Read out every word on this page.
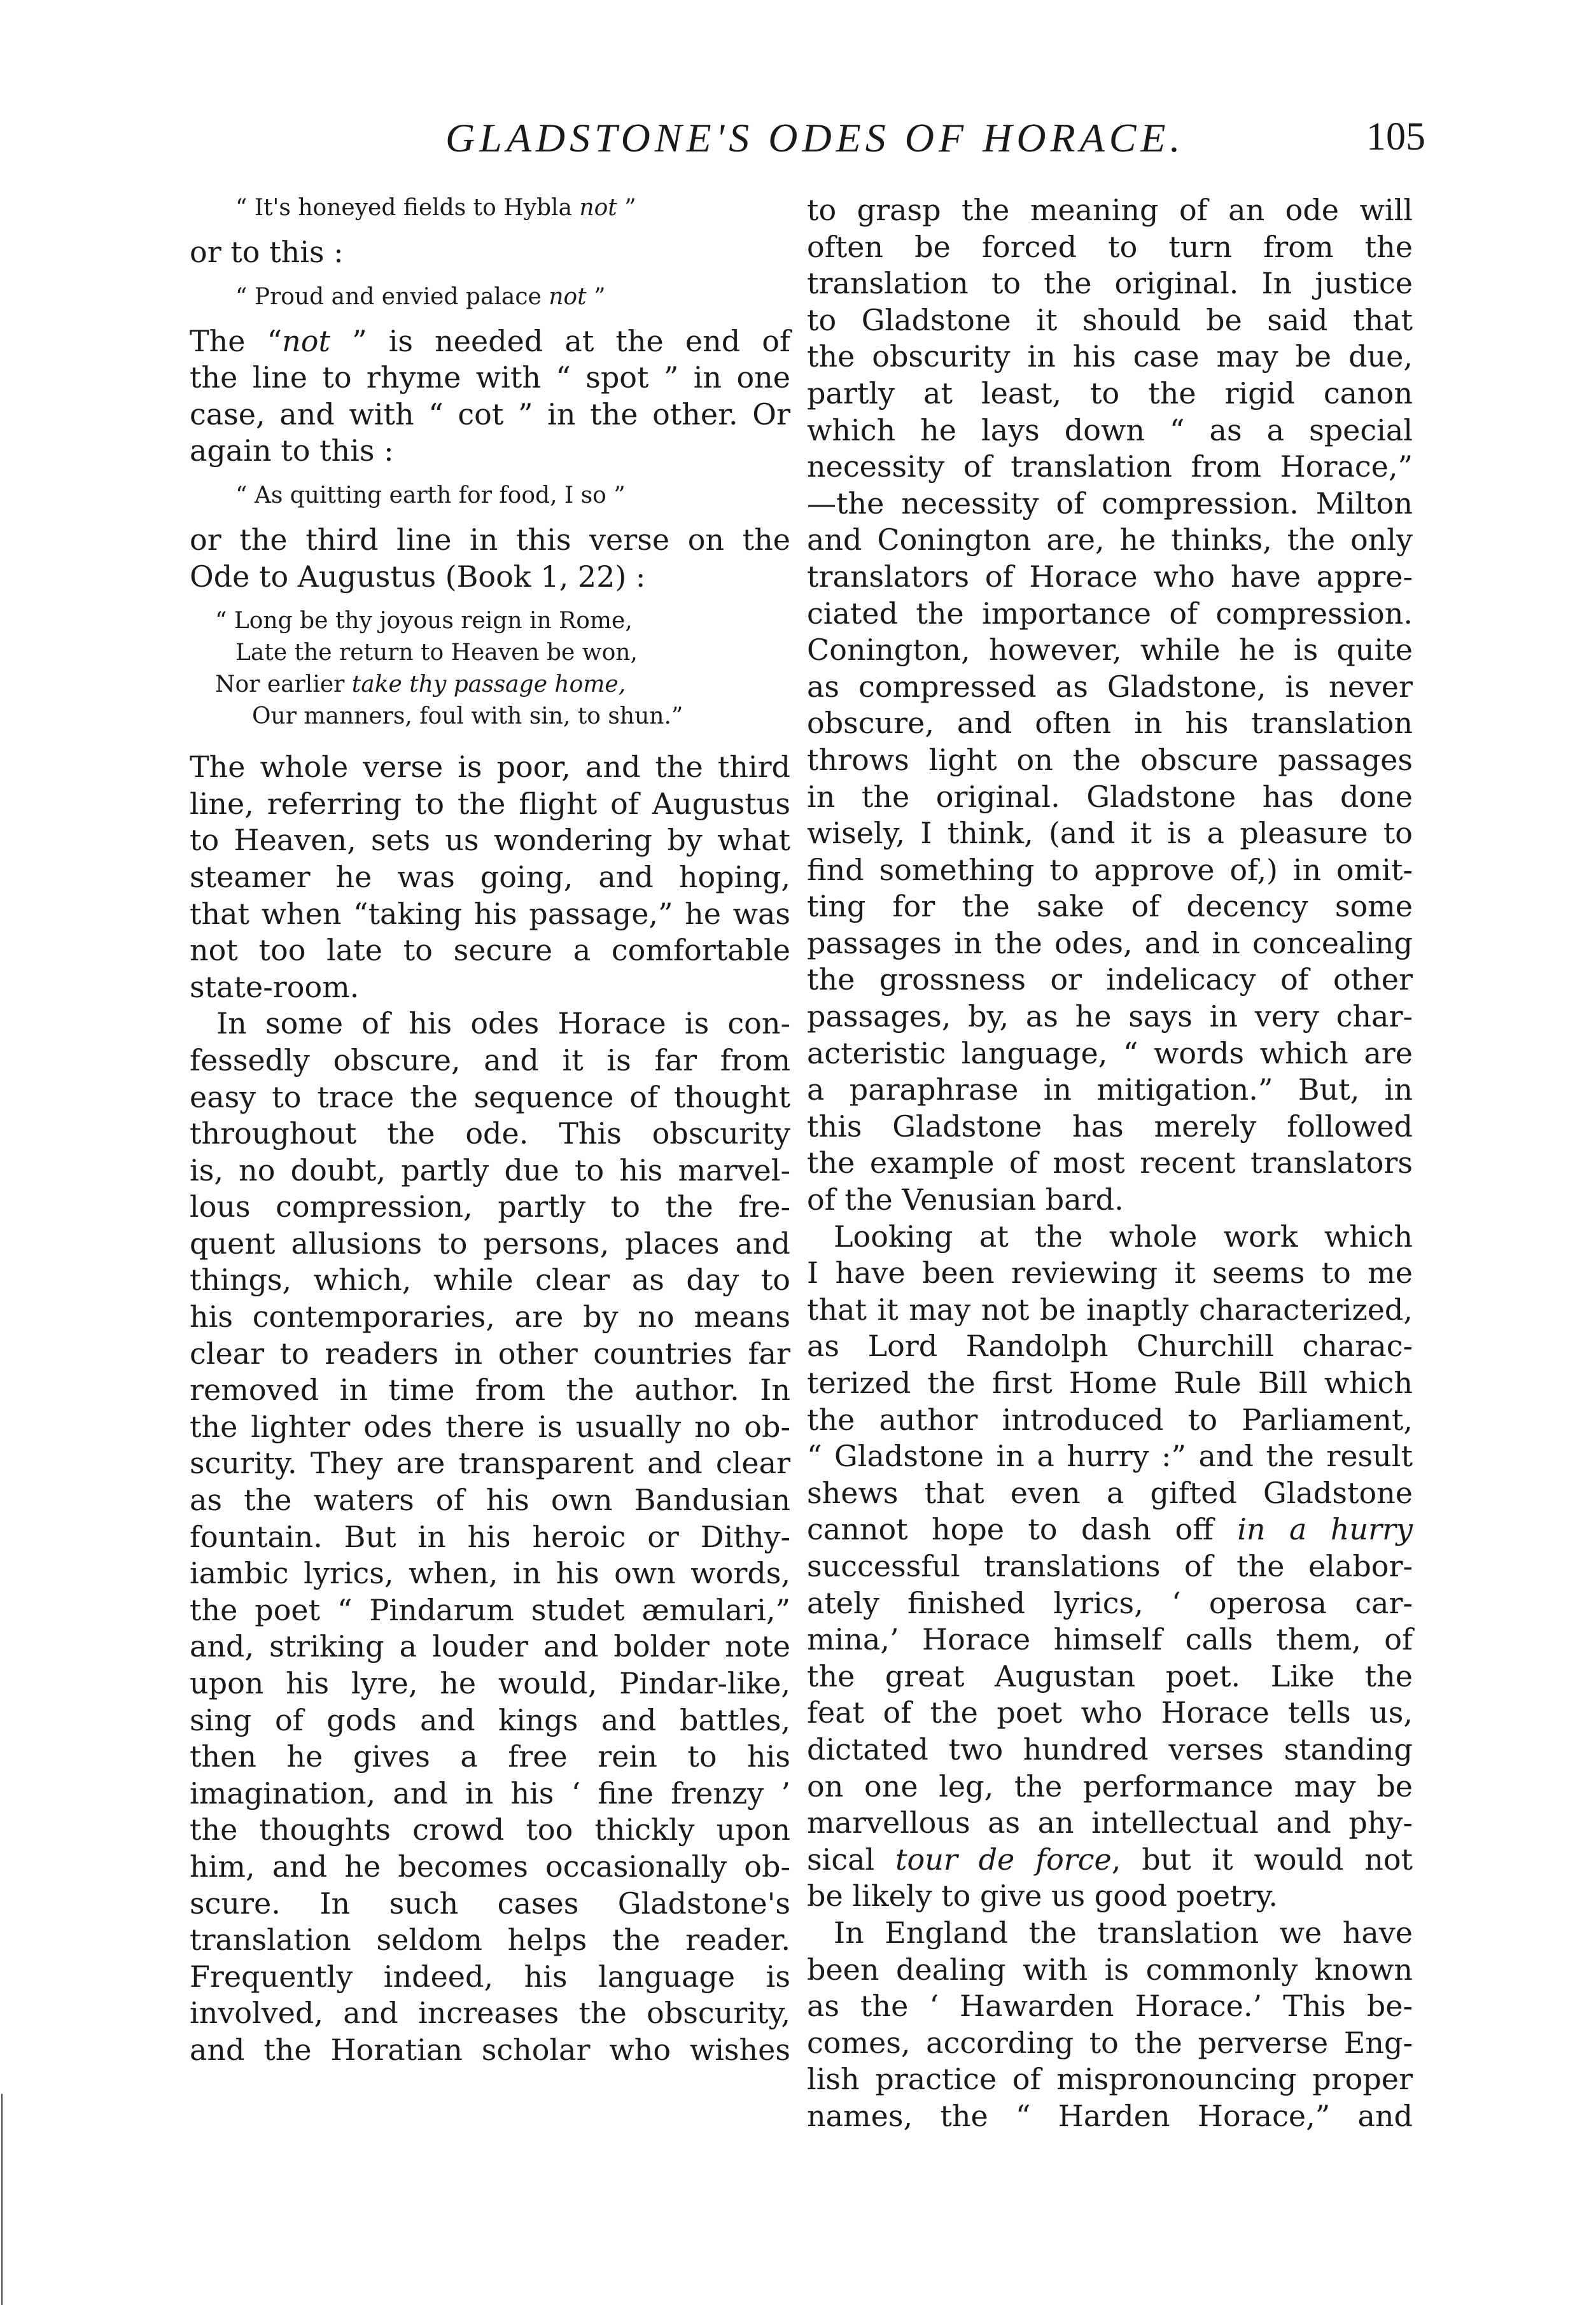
GLADSTONE'S ODES OF HORACE.	105
“ It's honeyed fields to Hybla not ”
or to this :
“ Proud and envied palace not ”
The “not ” is needed at the end of
the line to rhyme with “ spot ” in one
case, and with “ cot ” in the other. Or
again to this :
“ As quitting earth for food, I so ”
or the third line in this verse on the
Ode to Augustus (Book 1, 22) :
“ Long be thy joyous reign in Rome,
Late the return to Heaven be won,
Nor earlier take thy passage home,
Our manners, foul with sin, to shun.”
The whole verse is poor, and the third
line, referring to the flight of Augustus
to Heaven, sets us wondering by what
steamer he was going, and hoping,
that when “taking his passage,” he was
not too late to secure a comfortable
state-room.
In some of his odes Horace is con-
fessedly obscure, and it is far from
easy to trace the sequence of thought
throughout the ode. This obscurity
is, no doubt, partly due to his marvel-
lous compression, partly to the fre-
quent allusions to persons, places and
things, which, while clear as day to
his contemporaries, are by no means
clear to readers in other countries far
removed in time from the author. In
the lighter odes there is usually no ob-
scurity. They are transparent and clear
as the waters of his own Bandusian
fountain. But in his heroic or Dithy-
iambic lyrics, when, in his own words,
the poet “ Pindarum studet æmulari,”
and, striking a louder and bolder note
upon his lyre, he would, Pindar-like,
sing of gods and kings and battles,
then he gives a free rein to his
imagination, and in his ‘ fine frenzy ’
the thoughts crowd too thickly upon
him, and he becomes occasionally ob-
scure. In such cases Gladstone's
translation seldom helps the reader.
Frequently indeed, his language is
involved, and increases the obscurity,
and the Horatian scholar who wishes
to grasp the meaning of an ode will
often be forced to turn from the
translation to the original. In justice
to Gladstone it should be said that
the obscurity in his case may be due,
partly at least, to the rigid canon
which he lays down “ as a special
necessity of translation from Horace,”
—the necessity of compression. Milton
and Conington are, he thinks, the only
translators of Horace who have appre-
ciated the importance of compression.
Conington, however, while he is quite
as compressed as Gladstone, is never
obscure, and often in his translation
throws light on the obscure passages
in the original. Gladstone has done
wisely, I think, (and it is a pleasure to
find something to approve of,) in omit-
ting for the sake of decency some
passages in the odes, and in concealing
the grossness or indelicacy of other
passages, by, as he says in very char-
acteristic language, “ words which are
a paraphrase in mitigation.” But, in
this Gladstone has merely followed
the example of most recent translators
of the Venusian bard.
Looking at the whole work which
I have been reviewing it seems to me
that it may not be inaptly characterized,
as Lord Randolph Churchill charac-
terized the first Home Rule Bill which
the author introduced to Parliament,
“ Gladstone in a hurry :” and the result
shews that even a gifted Gladstone
cannot hope to dash off in a hurry
successful translations of the elabor-
ately finished lyrics, ‘ operosa car-
mina,’ Horace himself calls them, of
the great Augustan poet. Like the
feat of the poet who Horace tells us,
dictated two hundred verses standing
on one leg, the performance may be
marvellous as an intellectual and phy-
sical tour de force, but it would not
be likely to give us good poetry.
In England the translation we have
been dealing with is commonly known
as the ‘ Hawarden Horace.’ This be-
comes, according to the perverse Eng-
lish practice of mispronouncing proper
names, the “ Harden Horace,” and
